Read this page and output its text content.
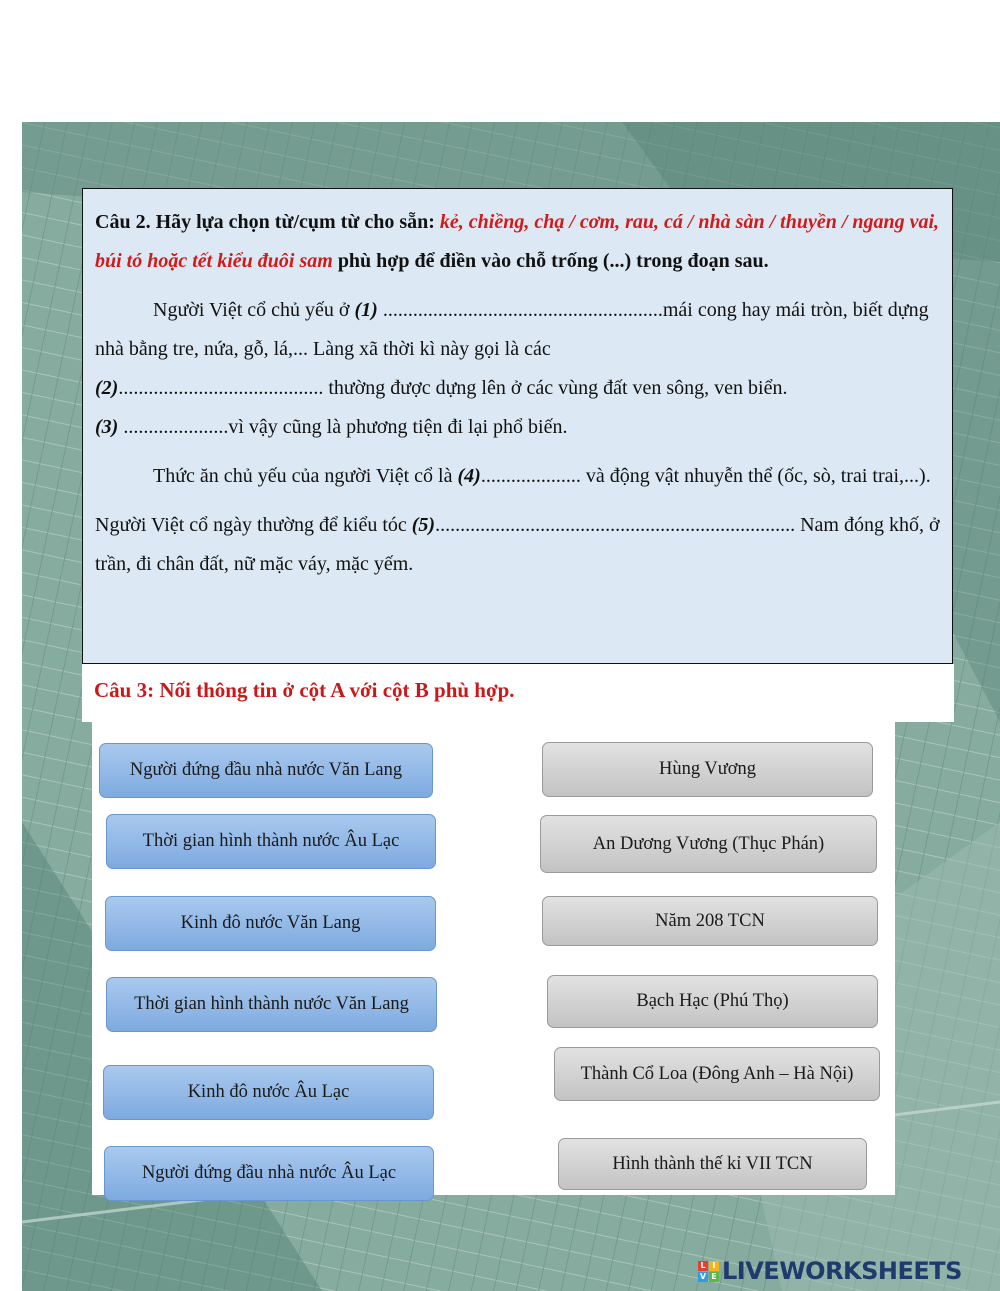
Câu 2. Hãy lựa chọn từ/cụm từ cho sẵn: kẻ, chiềng, chạ / cơm, rau, cá / nhà sàn / thuyền / ngang vai, búi tó hoặc tết kiểu đuôi sam phù hợp để điền vào chỗ trống (...) trong đoạn sau.

Người Việt cổ chủ yếu ở (1) ........................................................mái cong hay mái tròn, biết dựng nhà bằng tre, nứa, gỗ, lá,... Làng xã thời kì này gọi là các

(2)......................................... thường được dựng lên ở các vùng đất ven sông, ven biển.

(3) .....................vì vậy cũng là phương tiện đi lại phổ biến.

Thức ăn chủ yếu của người Việt cổ là (4).................... và động vật nhuyễn thể (ốc, sò, trai trai,...).

Người Việt cổ ngày thường để kiểu tóc (5)........................................................................ Nam đóng khố, ở trần, đi chân đất, nữ mặc váy, mặc yếm.

Câu 3: Nối thông tin ở cột A với cột B phù hợp.
Người đứng đầu nhà nước Văn Lang
Thời gian hình thành nước Âu Lạc
Kinh đô nước Văn Lang
Thời gian hình thành nước Văn Lang
Kinh đô nước Âu Lạc
Người đứng đầu nhà nước Âu Lạc
Hùng Vương
An Dương Vương (Thục Phán)
Năm 208 TCN
Bạch Hạc (Phú Thọ)
Thành Cổ Loa (Đông Anh – Hà Nội)
Hình thành thế kỉ VII TCN
L I
V E LIVEWORKSHEETS
